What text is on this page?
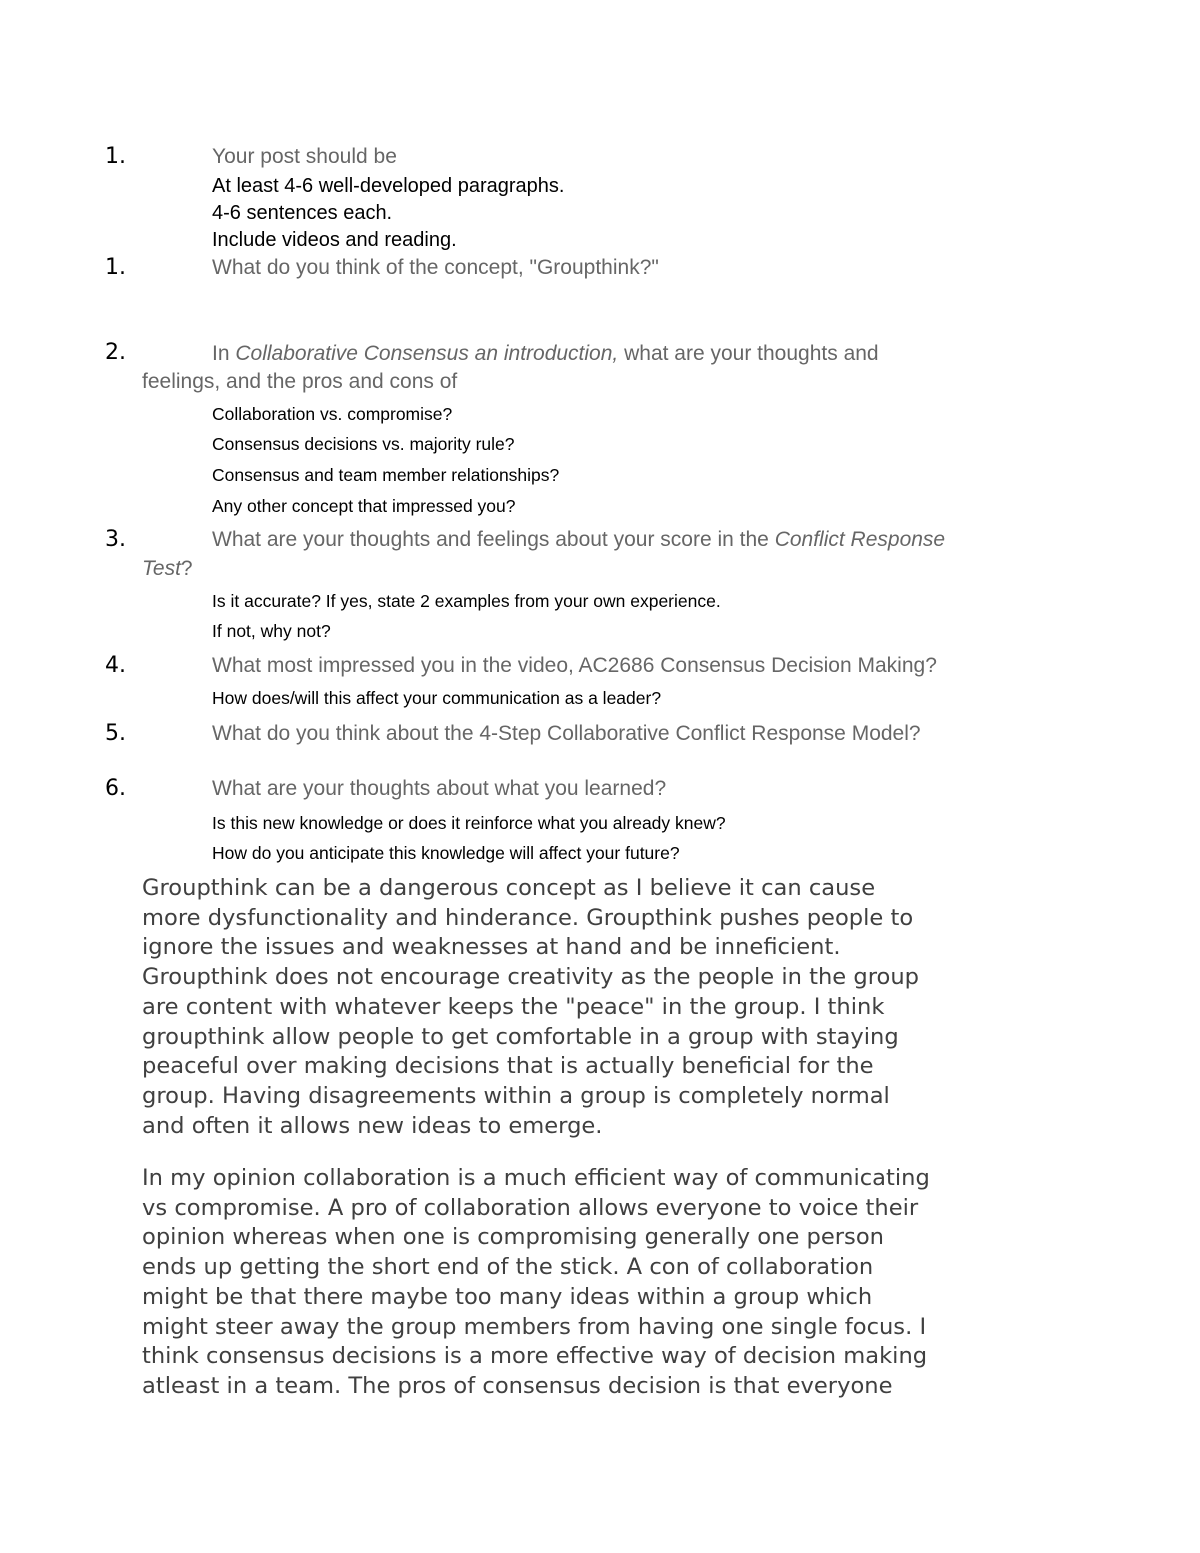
1.	Your post should be
At least 4-6 well-developed paragraphs.
4-6 sentences each.
Include videos and reading.
1.	What do you think of the concept, "Groupthink?"
2.	In Collaborative Consensus an introduction, what are your thoughts and
feelings, and the pros and cons of
Collaboration vs. compromise?
Consensus decisions vs. majority rule?
Consensus and team member relationships?
Any other concept that impressed you?
3.	What are your thoughts and feelings about your score in the Conflict Response
Test?
Is it accurate? If yes, state 2 examples from your own experience.
If not, why not?
4.	What most impressed you in the video, AC2686 Consensus Decision Making?
How does/will this affect your communication as a leader?
5.	What do you think about the 4-Step Collaborative Conflict Response Model?
6.	What are your thoughts about what you learned?
Is this new knowledge or does it reinforce what you already knew?
How do you anticipate this knowledge will affect your future?
Groupthink can be a dangerous concept as I believe it can cause
more dysfunctionality and hinderance. Groupthink pushes people to
ignore the issues and weaknesses at hand and be inneficient.
Groupthink does not encourage creativity as the people in the group
are content with whatever keeps the "peace" in the group. I think
groupthink allow people to get comfortable in a group with staying
peaceful over making decisions that is actually beneficial for the
group. Having disagreements within a group is completely normal
and often it allows new ideas to emerge.
In my opinion collaboration is a much efficient way of communicating
vs compromise. A pro of collaboration allows everyone to voice their
opinion whereas when one is compromising generally one person
ends up getting the short end of the stick. A con of collaboration
might be that there maybe too many ideas within a group which
might steer away the group members from having one single focus. I
think consensus decisions is a more effective way of decision making
atleast in a team. The pros of consensus decision is that everyone
